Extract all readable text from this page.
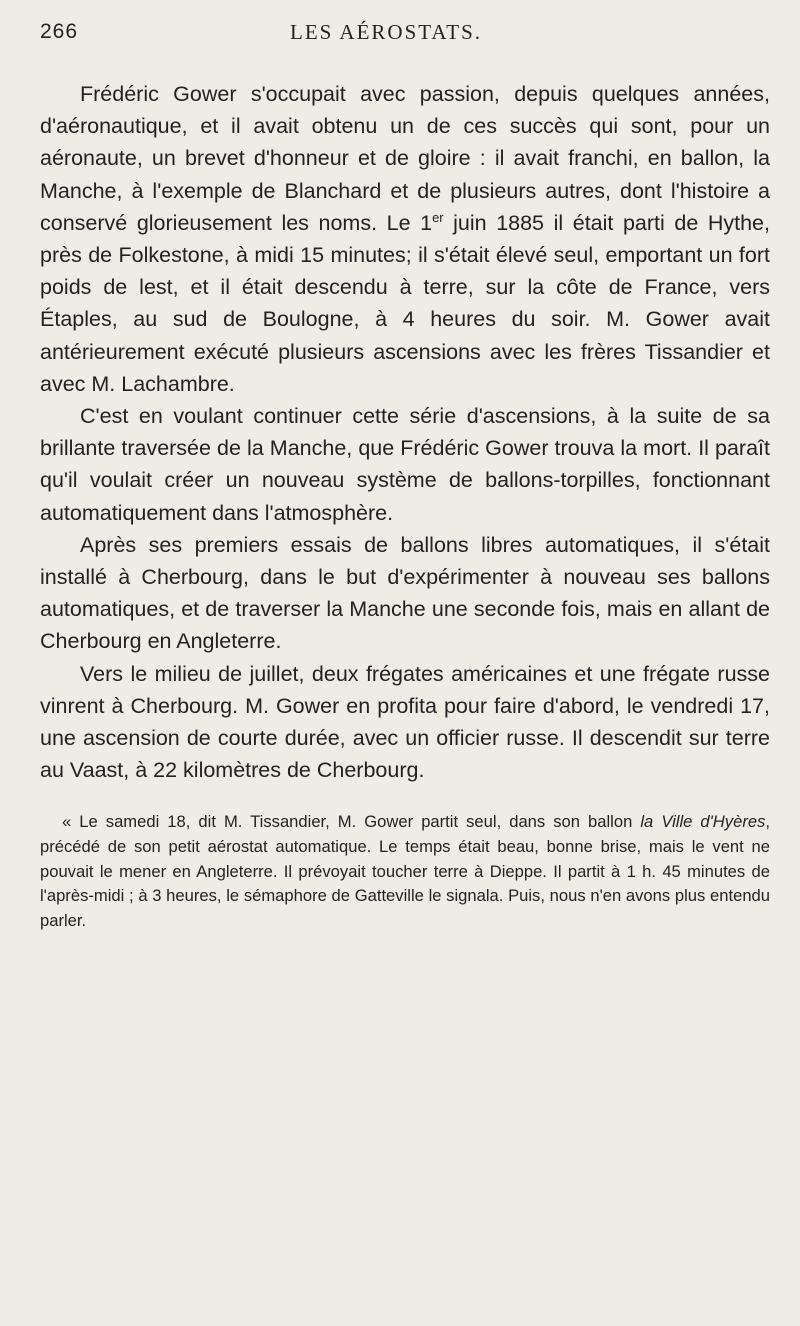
266	LES AÉROSTATS.

Frédéric Gower s'occupait avec passion, depuis quelques années, d'aéronautique, et il avait obtenu un de ces succès qui sont, pour un aéronaute, un brevet d'honneur et de gloire : il avait franchi, en ballon, la Manche, à l'exemple de Blanchard et de plusieurs autres, dont l'histoire a conservé glorieusement les noms. Le 1er juin 1885 il était parti de Hythe, près de Folkestone, à midi 15 minutes; il s'était élevé seul, emportant un fort poids de lest, et il était descendu à terre, sur la côte de France, vers Étaples, au sud de Boulogne, à 4 heures du soir. M. Gower avait antérieurement exécuté plusieurs ascensions avec les frères Tissandier et avec M. Lachambre.

C'est en voulant continuer cette série d'ascensions, à la suite de sa brillante traversée de la Manche, que Frédéric Gower trouva la mort. Il paraît qu'il voulait créer un nouveau système de ballons-torpilles, fonctionnant automatiquement dans l'atmosphère.

Après ses premiers essais de ballons libres automatiques, il s'était installé à Cherbourg, dans le but d'expérimenter à nouveau ses ballons automatiques, et de traverser la Manche une seconde fois, mais en allant de Cherbourg en Angleterre.

Vers le milieu de juillet, deux frégates américaines et une frégate russe vinrent à Cherbourg. M. Gower en profita pour faire d'abord, le vendredi 17, une ascension de courte durée, avec un officier russe. Il descendit sur terre au Vaast, à 22 kilomètres de Cherbourg.

« Le samedi 18, dit M. Tissandier, M. Gower partit seul, dans son ballon la Ville d'Hyères, précédé de son petit aérostat automatique. Le temps était beau, bonne brise, mais le vent ne pouvait le mener en Angleterre. Il prévoyait toucher terre à Dieppe. Il partit à 1 h. 45 minutes de l'après-midi ; à 3 heures, le sémaphore de Gatteville le signala. Puis, nous n'en avons plus entendu parler.
